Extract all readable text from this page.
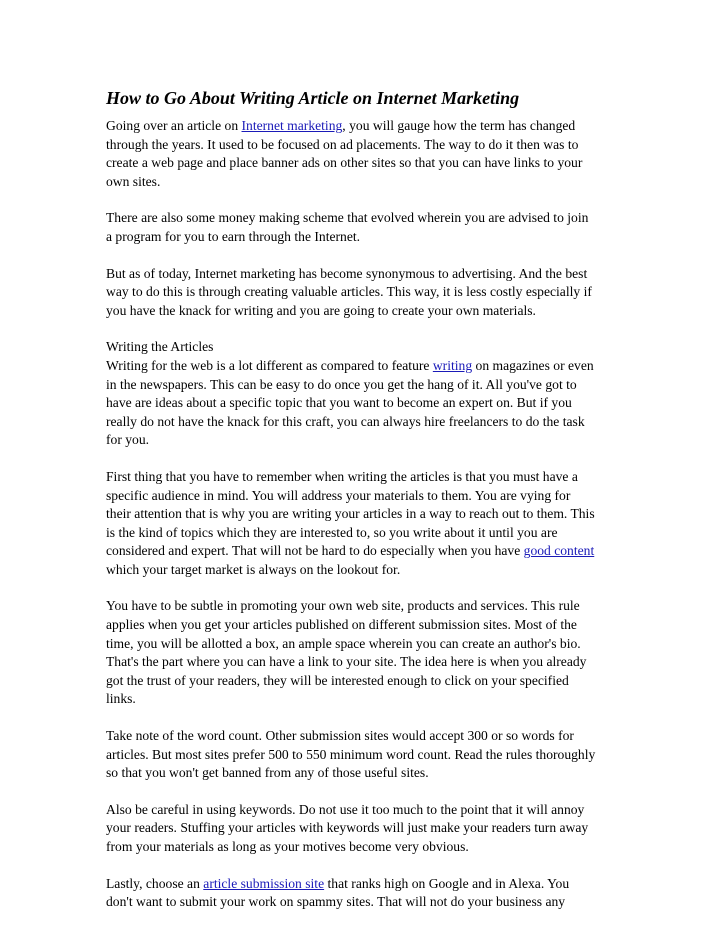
How to Go About Writing Article on Internet Marketing
Going over an article on Internet marketing, you will gauge how the term has changed
through the years. It used to be focused on ad placements. The way to do it then was to
create a web page and place banner ads on other sites so that you can have links to your
own sites.
There are also some money making scheme that evolved wherein you are advised to join
a program for you to earn through the Internet.
But as of today, Internet marketing has become synonymous to advertising. And the best
way to do this is through creating valuable articles. This way, it is less costly especially if
you have the knack for writing and you are going to create your own materials.
Writing the Articles
Writing for the web is a lot different as compared to feature writing on magazines or even
in the newspapers. This can be easy to do once you get the hang of it. All you've got to
have are ideas about a specific topic that you want to become an expert on. But if you
really do not have the knack for this craft, you can always hire freelancers to do the task
for you.
First thing that you have to remember when writing the articles is that you must have a
specific audience in mind. You will address your materials to them. You are vying for
their attention that is why you are writing your articles in a way to reach out to them. This
is the kind of topics which they are interested to, so you write about it until you are
considered and expert. That will not be hard to do especially when you have good content
which your target market is always on the lookout for.
You have to be subtle in promoting your own web site, products and services. This rule
applies when you get your articles published on different submission sites. Most of the
time, you will be allotted a box, an ample space wherein you can create an author's bio.
That's the part where you can have a link to your site. The idea here is when you already
got the trust of your readers, they will be interested enough to click on your specified
links.
Take note of the word count. Other submission sites would accept 300 or so words for
articles. But most sites prefer 500 to 550 minimum word count. Read the rules thoroughly
so that you won't get banned from any of those useful sites.
Also be careful in using keywords. Do not use it too much to the point that it will annoy
your readers. Stuffing your articles with keywords will just make your readers turn away
from your materials as long as your motives become very obvious.
Lastly, choose an article submission site that ranks high on Google and in Alexa. You
don't want to submit your work on spammy sites. That will not do your business any
